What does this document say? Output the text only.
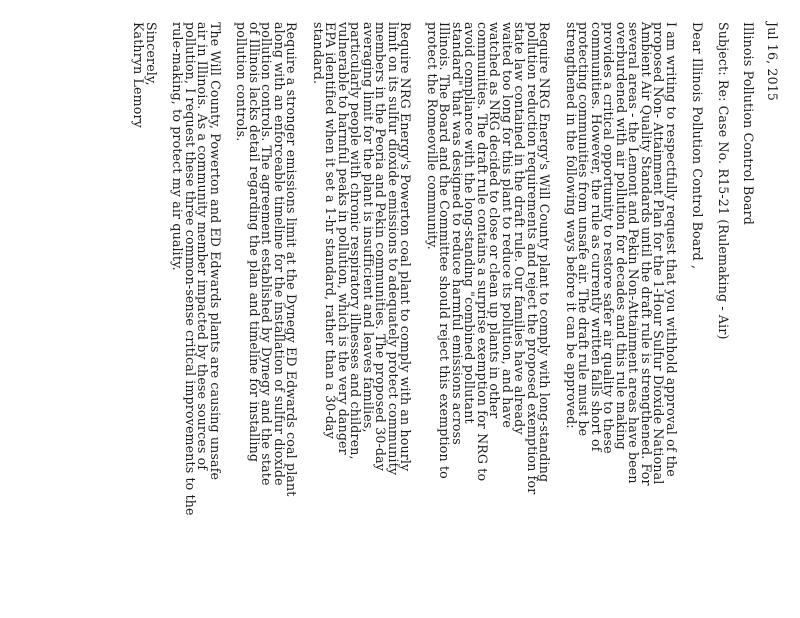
Jul 16, 2015
Illinois Pollution Control Board
Subject: Re: Case No. R15-21 (Rulemaking - Air)
Dear Illinois Pollution Control Board ,
I am writing to respectfully request that you withhold approval of the
proposed Non- Attainment Plan for the 1-Hour Sulfur Dioxide National
Ambient Air Quality Standards until the draft rule is strengthened. For
several areas - the Lemont and Pekin Non-Attainment areas have been
overburdened with air pollution for decades and this rule making
provides a critical opportunity to restore safer air quality to these
communities. However, the rule as currently written falls short of
protecting communities from unsafe air. The draft rule must be
strengthened in the following ways before it can be approved:
Require NRG Energy's Will County plant to comply with long-standing
pollution reduction requirements and reject the proposed exemption for
state law contained in the draft rule. Our families have already
waited too long for this plant to reduce its pollution, and have
watched as NRG decided to close or clean up plants in other
communities. The draft rule contains a surprise exemption for NRG to
avoid compliance with the long-standing "combined pollutant
standard" that was designed to reduce harmful emissions across
Illinois. The Board and the Committee should reject this exemption to
protect the Romeoville community.
Require NRG Energy's Powerton coal plant to comply with an hourly
limit on its sulfur dioxide emissions to adequately protect community
members in the Peoria and Pekin communities. The proposed 30-day
averaging limit for the plant is insufficient and leaves families,
particularly people with chronic respiratory illnesses and children,
vulnerable to harmful peaks in pollution, which is the very danger
EPA identified when it set a 1-hr standard, rather than a 30-day
standard.
Require a stronger emissions limit at the Dynegy ED Edwards coal plant
along with an enforceable timeline for the installation of sulfur dioxide
pollution controls. The agreement established by Dynegy and the state
of Illinois lacks detail regarding the plan and timeline for installing
pollution controls.
The Will County, Powerton and ED Edwards plants are causing unsafe
air in Illinois. As a community member impacted by these sources of
pollution, I request these three common-sense critical improvements to the
rule-making, to protect my air quality.
Sincerely,
Kathryn Lemory
